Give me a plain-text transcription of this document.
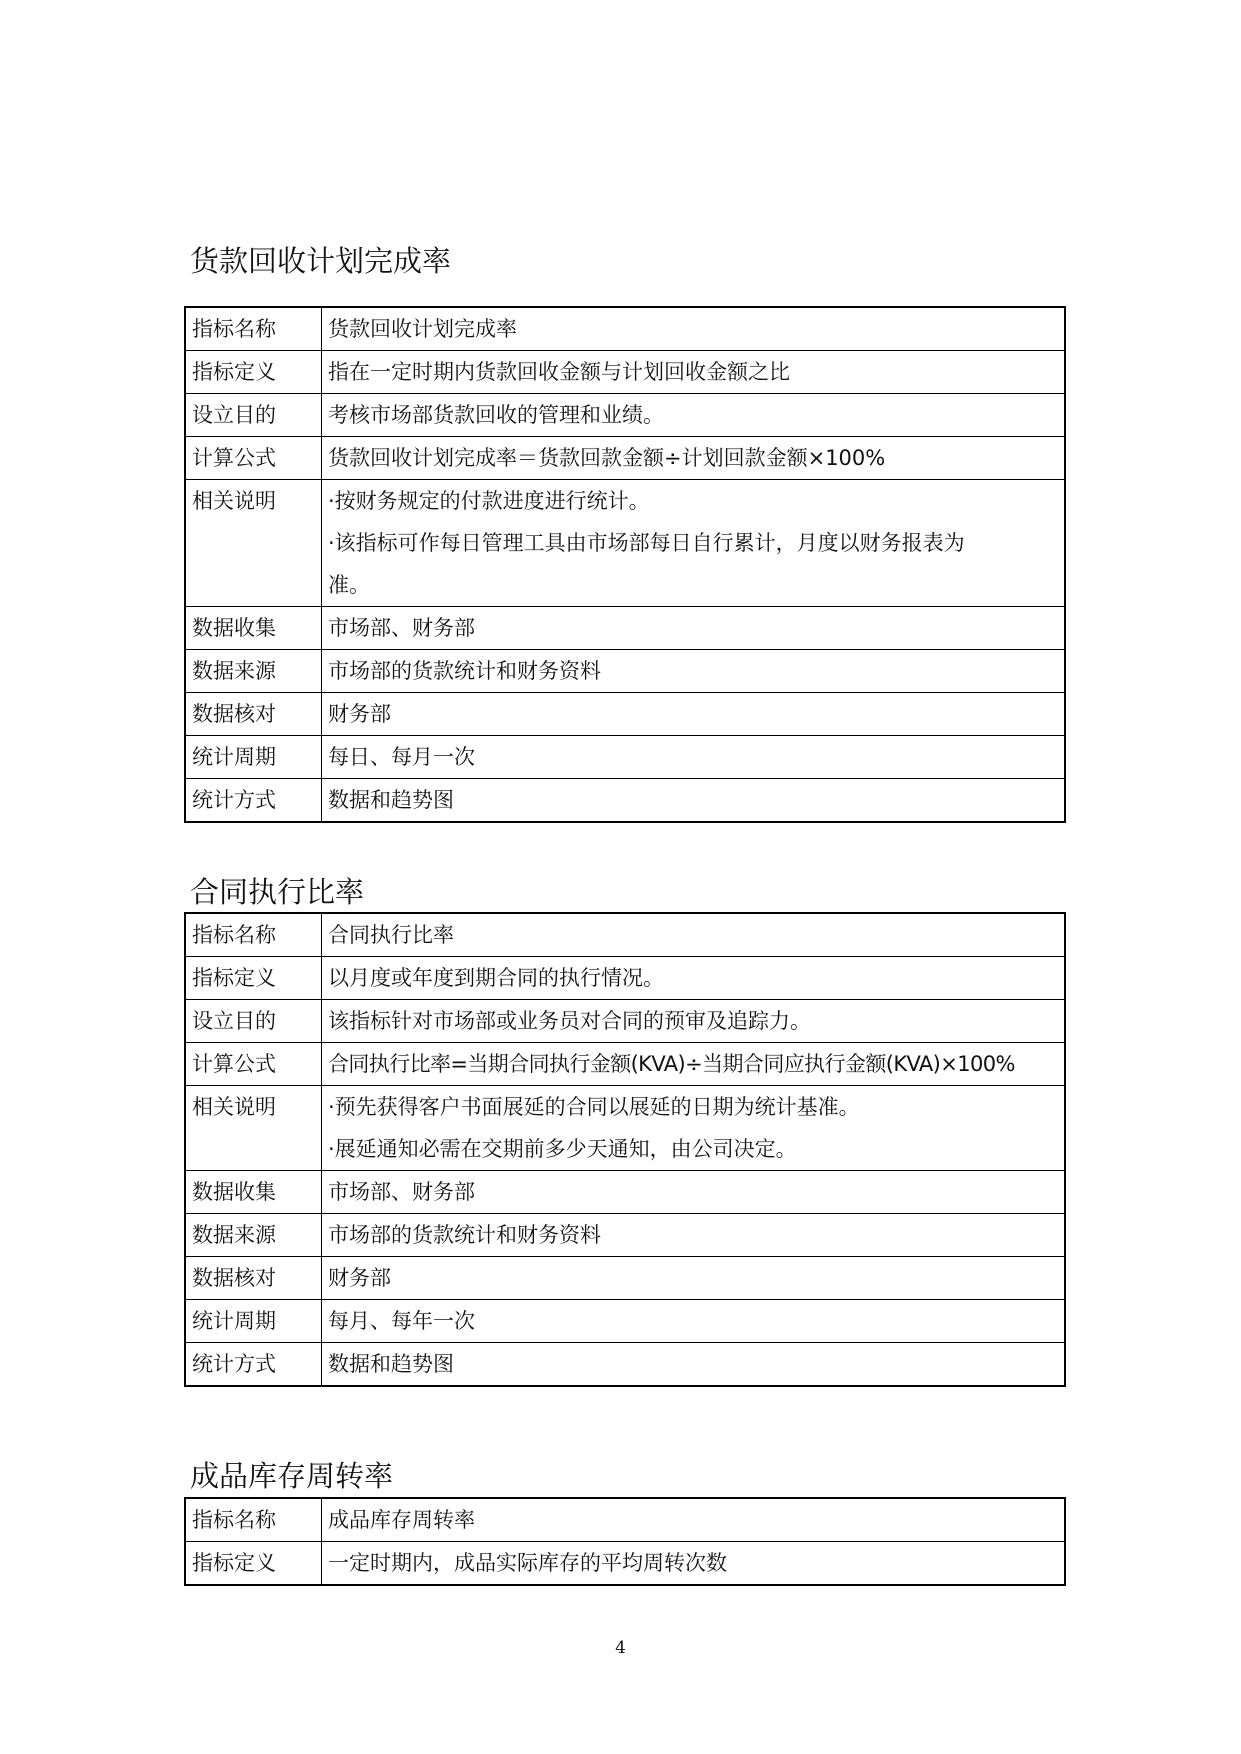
货款回收计划完成率
指标名称	货款回收计划完成率
指标定义	指在一定时期内货款回收金额与计划回收金额之比
设立目的	考核市场部货款回收的管理和业绩。
计算公式	货款回收计划完成率＝货款回款金额÷计划回款金额×100%
相关说明	·按财务规定的付款进度进行统计。
·该指标可作每日管理工具由市场部每日自行累计，月度以财务报表为
准。

数据收集	市场部、财务部
数据来源	市场部的货款统计和财务资料
数据核对	财务部
统计周期	每日、每月一次
统计方式	数据和趋势图
合同执行比率
指标名称	合同执行比率
指标定义	以月度或年度到期合同的执行情况。
设立目的	该指标针对市场部或业务员对合同的预审及追踪力。
计算公式	合同执行比率=当期合同执行金额(KVA)÷当期合同应执行金额(KVA)×100%
相关说明	·预先获得客户书面展延的合同以展延的日期为统计基准。
·展延通知必需在交期前多少天通知，由公司决定。

数据收集	市场部、财务部
数据来源	市场部的货款统计和财务资料
数据核对	财务部
统计周期	每月、每年一次
统计方式	数据和趋势图
成品库存周转率
指标名称	成品库存周转率
指标定义	一定时期内，成品实际库存的平均周转次数
4
